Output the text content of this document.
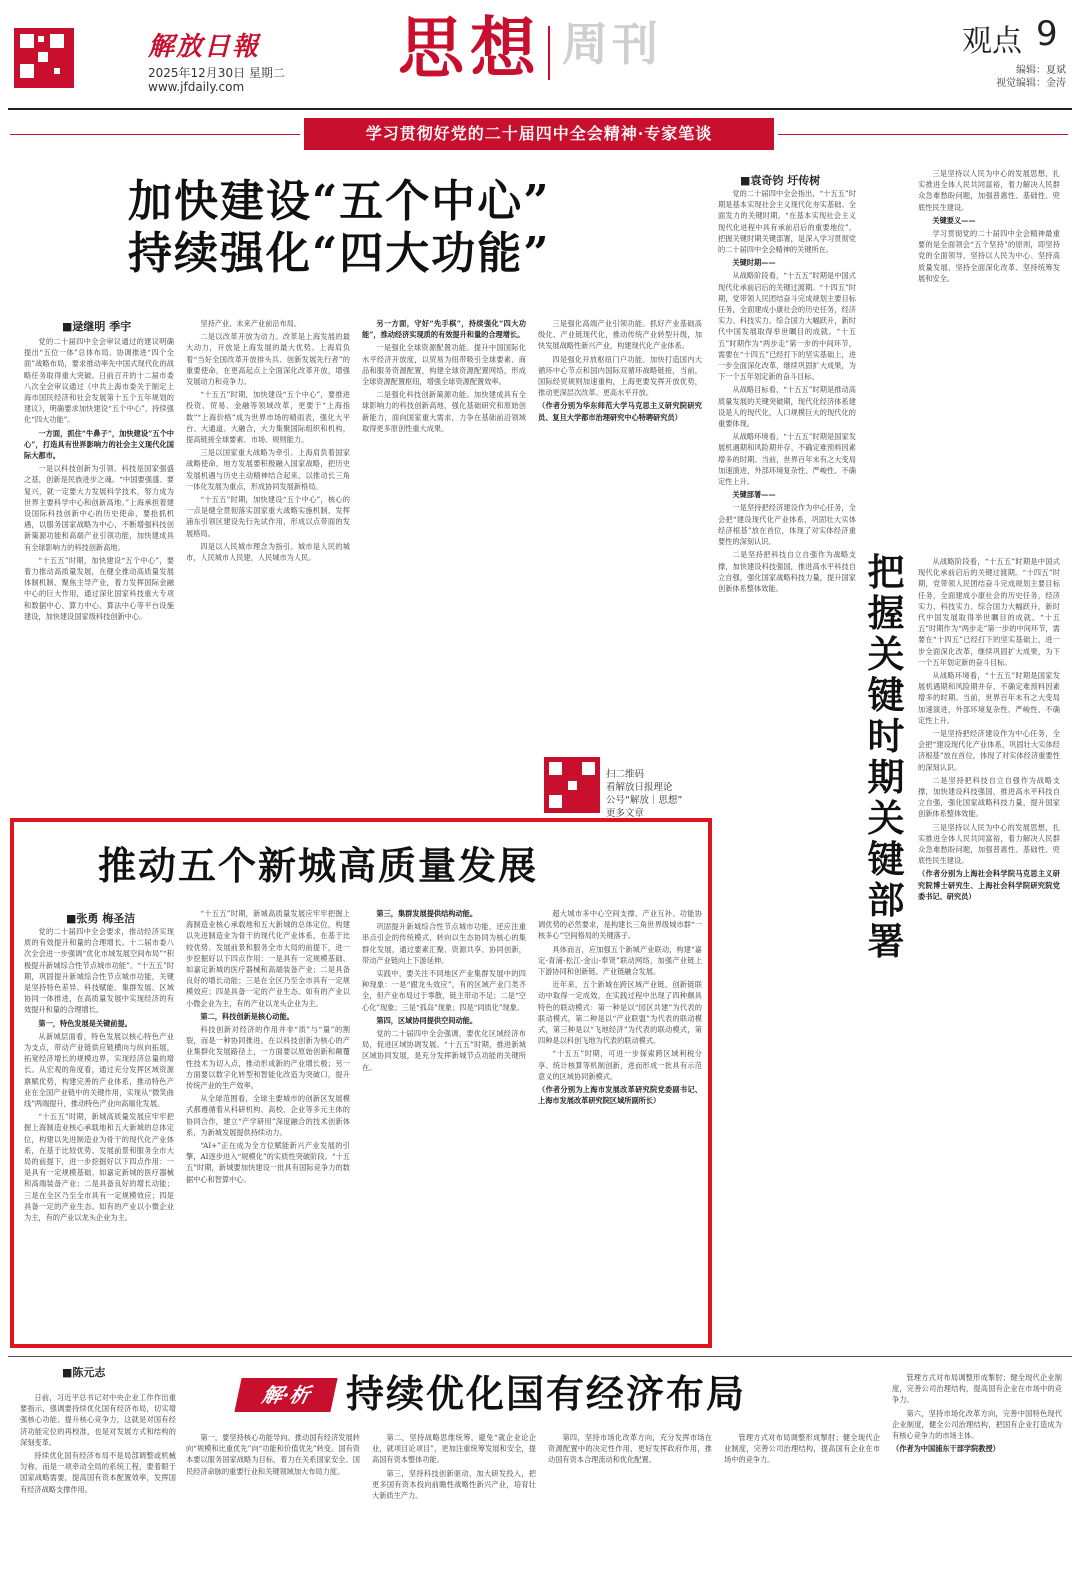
解放日報
2025年12月30日 星期二
www.jfdaily.com 思想 周刊	观点 9
编辑：夏斌
视觉编辑：金涛
学习贯彻好党的二十届四中全会精神·专家笔谈
加快建设“五个中心”
持续强化“四大功能”
■逯继明 季宇

党的二十届四中全会审议通过的建议明确提出“五位一体”总体布局、协调推进“四个全面”战略布局，要求推动率先中国式现代化的战略任务取得重大突破。日前召开的十二届市委八次全会审议通过《中共上海市委关于制定上海市国民经济和社会发展第十五个五年规划的建议》，明确要求加快建设“五个中心”，持续强化“四大功能”。

一方面，抓住“牛鼻子”，加快建设“五个中心”，打造具有世界影响力的社会主义现代化国际大都市。

一是以科技创新为引领。科技是国家强盛之基，创新是民族进步之魂。“中国要强盛、要复兴，就一定要大力发展科学技术，努力成为世界主要科学中心和创新高地。”上海承担着建设国际科技创新中心的历史使命，要抢抓机遇，以服务国家战略为中心，不断增强科技创新策源功能和高端产业引领功能，加快建成具有全球影响力的科技创新高地。

“十五五”时期，加快建设“五个中心”，要着力推动高质量发展，在健全推动高质量发展体制机制、聚焦主导产业，着力发挥国际金融中心的巨大作用，通过深化国家科技重大专项和数据中心、算力中心、算法中心等平台设施建设，加快建设国家级科技创新中心。

坚持产业、未来产业前沿布局。

二是以改革开放为动力。改革是上海发展的最大动力，开放是上海发展的最大优势。上海肩负着“当好全国改革开放排头兵、创新发展先行者”的重要使命，在更高起点上全面深化改革开放，增强发展动力和竞争力。

“十五五”时期，加快建设“五个中心”，要推进投资、贸易、金融等领域改革，更要于“上海指数”“上海价格”成为世界市场的晴雨表，强化大平台、大通道、大融合，大力集聚国际组织和机构，提高链接全球要素、市场、规则能力。

三是以国家重大战略为牵引。上海肩负着国家战略使命，地方发展要积极融入国家战略，把历史发展机遇与历史主动精神结合起来，以推动长三角一体化发展为重点，形成协同发展新格局。

“十五五”时期，加快建设“五个中心”，核心的一点是健全贯彻落实国家重大战略实施机制，发挥浦东引领区建设先行先试作用，形成以点带面的发展格局。

四是以人民城市理念为指引。城市是人民的城市，人民城市人民建，人民城市为人民。

另一方面，守好“先手棋”，持续强化“四大功能”，推动经济实现质的有效提升和量的合理增长。

一是强化全球资源配置功能。提升中国国际化水平经济开放度，以贸易为纽带吸引全球要素、商品和服务资源配置，构建全球资源配置网络，形成全球资源配置枢纽，增强全球资源配置效率。

二是强化科技创新策源功能。加快建成具有全球影响力的科技创新高地，强化基础研究和原始创新能力，面向国家重大需求，力争在基础前沿领域取得更多原创性重大成果。

三是强化高端产业引领功能。抓好产业基础高级化、产业链现代化，推动传统产业转型升级，加快发展战略性新兴产业，构建现代化产业体系。

四是强化开放枢纽门户功能。加快打造国内大循环中心节点和国内国际双循环战略链接，当前，国际经贸规则加速重构，上海更要发挥开放优势，推动更深层次改革、更高水平开放。

（作者分别为华东师范大学马克思主义研究院研究员、复旦大学都市治理研究中心特聘研究员）

扫二维码
看解放日报理论
公号“解放｜思想”
更多文章
■袁奇钧 圩传树

党的二十届四中全会指出，“十五五”时期是基本实现社会主义现代化夯实基础、全面发力的关键时期。“在基本实现社会主义现代化进程中具有承前启后的重要地位”。把握关键时期关键部署，是深入学习贯彻党的二十届四中全会精神的关键所在。

关键时期——

从战略阶段看，“十五五”时期是中国式现代化承前启后的关键过渡期。“十四五”时期，党带领人民团结奋斗完成规划主要目标任务，全面建成小康社会的历史任务，经济实力、科技实力、综合国力大幅跃升，新时代中国发展取得举世瞩目的成就。“十五五”时期作为“两步走”第一步的中间环节，需要在“十四五”已经打下的坚实基础上，进一步全面深化改革，继续巩固扩大成果，为下一个五年划定新的奋斗目标。

从战略目标看，“十五五”时期是推动高质量发展的关键突破期，现代化经济体系建设是人的现代化，人口规模巨大的现代化的重要体现。

从战略环境看，“十五五”时期是国家发展机遇期和风险期并存、不确定难预料因素增多的时期。当前，世界百年未有之大变局加速演进，外部环境复杂性、严峻性、不确定性上升。

关键部署——

一是坚持把经济建设作为中心任务，全会把“建设现代化产业体系，巩固壮大实体经济根基”放在首位，体现了对实体经济重要性的深刻认识。

二是坚持把科技自立自强作为战略支撑，加快建设科技强国，推进高水平科技自立自强，强化国家战略科技力量，提升国家创新体系整体效能。

三是坚持以人民为中心的发展思想，扎实推进全体人民共同富裕，着力解决人民群众急难愁盼问题，加强普惠性、基础性、兜底性民生建设。

关键要义——

学习贯彻党的二十届四中全会精神最重要的是全面领会“五个坚持”的原则，即坚持党的全面领导、坚持以人民为中心、坚持高质量发展、坚持全面深化改革、坚持统筹发展和安全。

把握关键时期关键部署

从战略阶段看，“十五五”时期是中国式现代化承前启后的关键过渡期。“十四五”时期，党带领人民团结奋斗完成规划主要目标任务，全面建成小康社会的历史任务，经济实力、科技实力、综合国力大幅跃升，新时代中国发展取得举世瞩目的成就。“十五五”时期作为“两步走”第一步的中间环节，需要在“十四五”已经打下的坚实基础上，进一步全面深化改革，继续巩固扩大成果，为下一个五年划定新的奋斗目标。

从战略环境看，“十五五”时期是国家发展机遇期和风险期并存、不确定难预料因素增多的时期。当前，世界百年未有之大变局加速演进，外部环境复杂性、严峻性、不确定性上升。

一是坚持把经济建设作为中心任务，全会把“建设现代化产业体系，巩固壮大实体经济根基”放在首位，体现了对实体经济重要性的深刻认识。

二是坚持把科技自立自强作为战略支撑，加快建设科技强国，推进高水平科技自立自强，强化国家战略科技力量，提升国家创新体系整体效能。

三是坚持以人民为中心的发展思想，扎实推进全体人民共同富裕，着力解决人民群众急难愁盼问题，加强普惠性、基础性、兜底性民生建设。

（作者分别为上海社会科学院马克思主义研究院博士研究生、上海社会科学院研究院党委书记、研究员）

推动五个新城高质量发展
■张勇 梅圣洁

党的二十届四中全会要求，推动经济实现质的有效提升和量的合理增长。十二届市委八次全会进一步强调“优化市域发展空间布局”“积极提升新城综合性节点城市功能”。“十五五”时期，巩固提升新城综合性节点城市功能，关键是坚持特色差异、科技赋能、集群发展、区域协同一体推进，在高质量发展中实现经济的有效提升和量的合理增长。

第一，特色发展是关键前提。

从新城层面看，特色发展以核心特色产业为支点，带动产业链供应链横向与纵向拓展，拓宽经济增长的规模边界，实现经济总量的增长。从宏观的角度看，通过充分发挥区域资源禀赋优势，构建完善的产业体系，推动特色产业在全国产业链中的关键作用，实现从“微笑曲线”两端提升，推动特色产业向高端化发展。

“十五五”时期，新城高质量发展应牢牢把握上海制造业核心承载地和五大新城的总体定位，构建以先进制造业为骨干的现代化产业体系，在基于比较优势、发展前景和服务全市大局的前提下，进一步挖掘好以下四点作用：一是具有一定规模基础、如嘉定新城的医疗器械和高端装备产业；二是具备良好的增长动能；三是在全区乃至全市具有一定规模效应；四是具备一定的产业生态。如有的产业以小微企业为主，有的产业以龙头企业为主。

“十五五”时期，新城高质量发展应牢牢把握上海制造业核心承载地和五大新城的总体定位，构建以先进制造业为骨干的现代化产业体系，在基于比较优势、发展前景和服务全市大局的前提下，进一步挖掘好以下四点作用：一是具有一定规模基础、如嘉定新城的医疗器械和高端装备产业；二是具备良好的增长动能；三是在全区乃至全市具有一定规模效应；四是具备一定的产业生态。如有的产业以小微企业为主，有的产业以龙头企业为主。

第二，科技创新是核心动能。

科技创新对经济的作用并非“质”与“量”的割裂，而是一种协同推进。在以科技创新为核心的产业集群化发展路径上，一方面要以原始创新和颠覆性技术为切入点，推动形成新的产业增长极；另一方面要以数字化转型和智能化改造为突破口，提升传统产业的生产效率。

从全球范围看，全球主要城市的创新区发展模式都遵循着从科研机构、高校、企业等多元主体的协同合作，建立“产学研用”深度融合的技术创新体系，为新城发展提供持续动力。

“AI+”正在成为全方位赋能新兴产业发展的引擎，AI逐步进入“规模化”的实质性突破阶段。“十五五”时期，新城要加快建设一批具有国际竞争力的数据中心和智算中心。

第三，集群发展提供结构动能。

巩固提升新城综合性节点城市功能，还应注重串点引企的传统模式，转向以生态协同为核心的集群化发展，通过要素汇聚、资源共享、协同创新，带动产业链向上下游延伸。

实践中，要关注不同地区产业集群发展中的四种现象：一是“跟龙头效应”，有的区域产业门类齐全，但产业布局过于零散，链主带动不足；二是“空心化”现象；三是“孤岛”现象；四是“同质化”现象。

第四，区域协同提供空间动能。

党的二十届四中全会强调，要优化区域经济布局，促进区域协调发展。“十五五”时期，推进新城区域协同发展，是充分发挥新城节点功能的关键所在。

超大城市多中心空间支撑、产业互补、功能协调优势的必然要求，是构建长三角世界级城市群“一核多心”空间格局的关键落子。

具体而言，应加强五个新城产业联动，构建“嘉定-青浦-松江-金山-奉贤”联动网络，加强产业链上下游协同和创新链、产业链融合发展。

近年来，五个新城在跨区域产业链、创新链联动中取得一定成效，在实践过程中出现了四种颇具特色的联动模式：第一种是以“园区共建”为代表的联动模式，第二种是以“产业联盟”为代表的联动模式，第三种是以“飞地经济”为代表的联动模式，第四种是以科创飞地为代表的联动模式。

“十五五”时期，可进一步探索跨区域利税分享、统计核算等机制创新，进而形成一批具有示范意义的区域协同新模式。

（作者分别为上海市发展改革研究院党委副书记、上海市发展改革研究院区域所副所长）

■陈元志
解·析 持续优化国有经济布局

日前，习近平总书记对中央企业工作作出重要指示，强调要持续优化国有经济布局，切实增强核心功能、提升核心竞争力，这就是对国有经济功能定位的再校准，也是对发展方式和结构的深刻变革。

持续优化国有经济布局不是局部调整或机械匀称，而是一项牵动全局的系统工程，要着眼于国家战略需要，提高国有资本配置效率，发挥国有经济战略支撑作用。

第一，要坚持核心功能导向。推动国有经济发展转向“规模和比重优先”向“功能和价值优先”转变。国有资本要以服务国家战略为目标，着力在关系国家安全、国民经济命脉的重要行业和关键领域加大布局力度。

第二，坚持战略思维统筹，避免“就企业论企业，就项目论项目”，更加注重统筹发展和安全，提高国有资本整体功能。

第三，坚持科技创新驱动，加大研发投入，把更多国有资本投向前瞻性战略性新兴产业，培育壮大新质生产力。

第四，坚持市场化改革方向，充分发挥市场在资源配置中的决定性作用，更好发挥政府作用，推动国有资本合理流动和优化配置。

管理方式对布局调整形成掣肘；健全现代企业制度，完善公司治理结构，提高国有企业在市场中的竞争力。

管理方式对布局调整形成掣肘；健全现代企业制度，完善公司治理结构，提高国有企业在市场中的竞争力。

第六，坚持市场化改革方向，完善中国特色现代企业制度，健全公司治理结构，把国有企业打造成为有核心竞争力的市场主体。

（作者为中国浦东干部学院教授）
